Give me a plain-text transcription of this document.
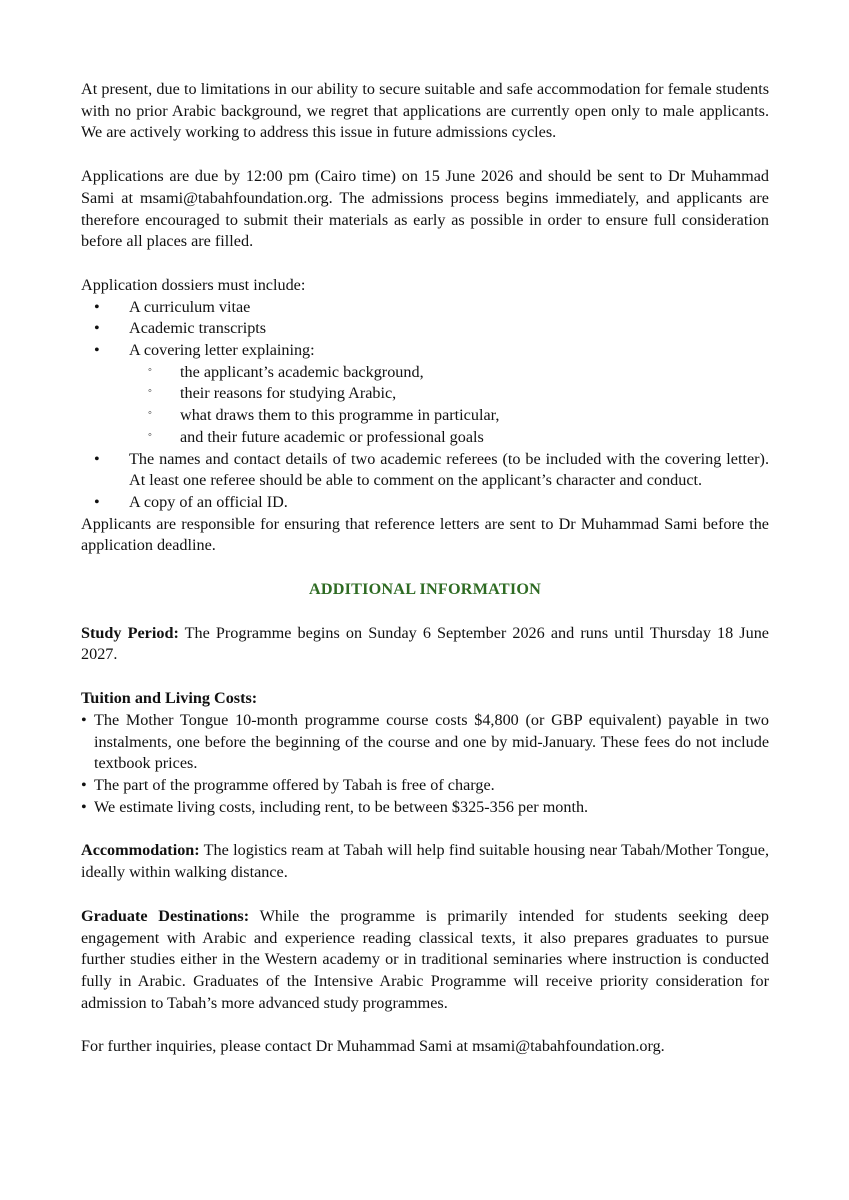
At present, due to limitations in our ability to secure suitable and safe accommodation for female students with no prior Arabic background, we regret that applications are currently open only to male applicants. We are actively working to address this issue in future admissions cycles.

Applications are due by 12:00 pm (Cairo time) on 15 June 2026 and should be sent to Dr Muhammad Sami at msami@tabahfoundation.org. The admissions process begins immediately, and applicants are therefore encouraged to submit their materials as early as possible in order to ensure full consideration before all places are filled.

Application dossiers must include:

• A curriculum vitae
• Academic transcripts
• A covering letter explaining:
◦ the applicant’s academic background,
◦ their reasons for studying Arabic,
◦ what draws them to this programme in particular,
◦ and their future academic or professional goals
• The names and contact details of two academic referees (to be included with the covering letter). At least one referee should be able to comment on the applicant’s character and conduct.
• A copy of an official ID.

Applicants are responsible for ensuring that reference letters are sent to Dr Muhammad Sami before the application deadline.

ADDITIONAL INFORMATION

Study Period: The Programme begins on Sunday 6 September 2026 and runs until Thursday 18 June 2027.

Tuition and Living Costs:

• The Mother Tongue 10-month programme course costs $4,800 (or GBP equivalent) payable in two instalments, one before the beginning of the course and one by mid-January. These fees do not include textbook prices.
• The part of the programme offered by Tabah is free of charge.
• We estimate living costs, including rent, to be between $325-356 per month.

Accommodation: The logistics ream at Tabah will help find suitable housing near Tabah/Mother Tongue, ideally within walking distance.

Graduate Destinations: While the programme is primarily intended for students seeking deep engagement with Arabic and experience reading classical texts, it also prepares graduates to pursue further studies either in the Western academy or in traditional seminaries where instruction is conducted fully in Arabic. Graduates of the Intensive Arabic Programme will receive priority consideration for admission to Tabah’s more advanced study programmes.

For further inquiries, please contact Dr Muhammad Sami at msami@tabahfoundation.org.
